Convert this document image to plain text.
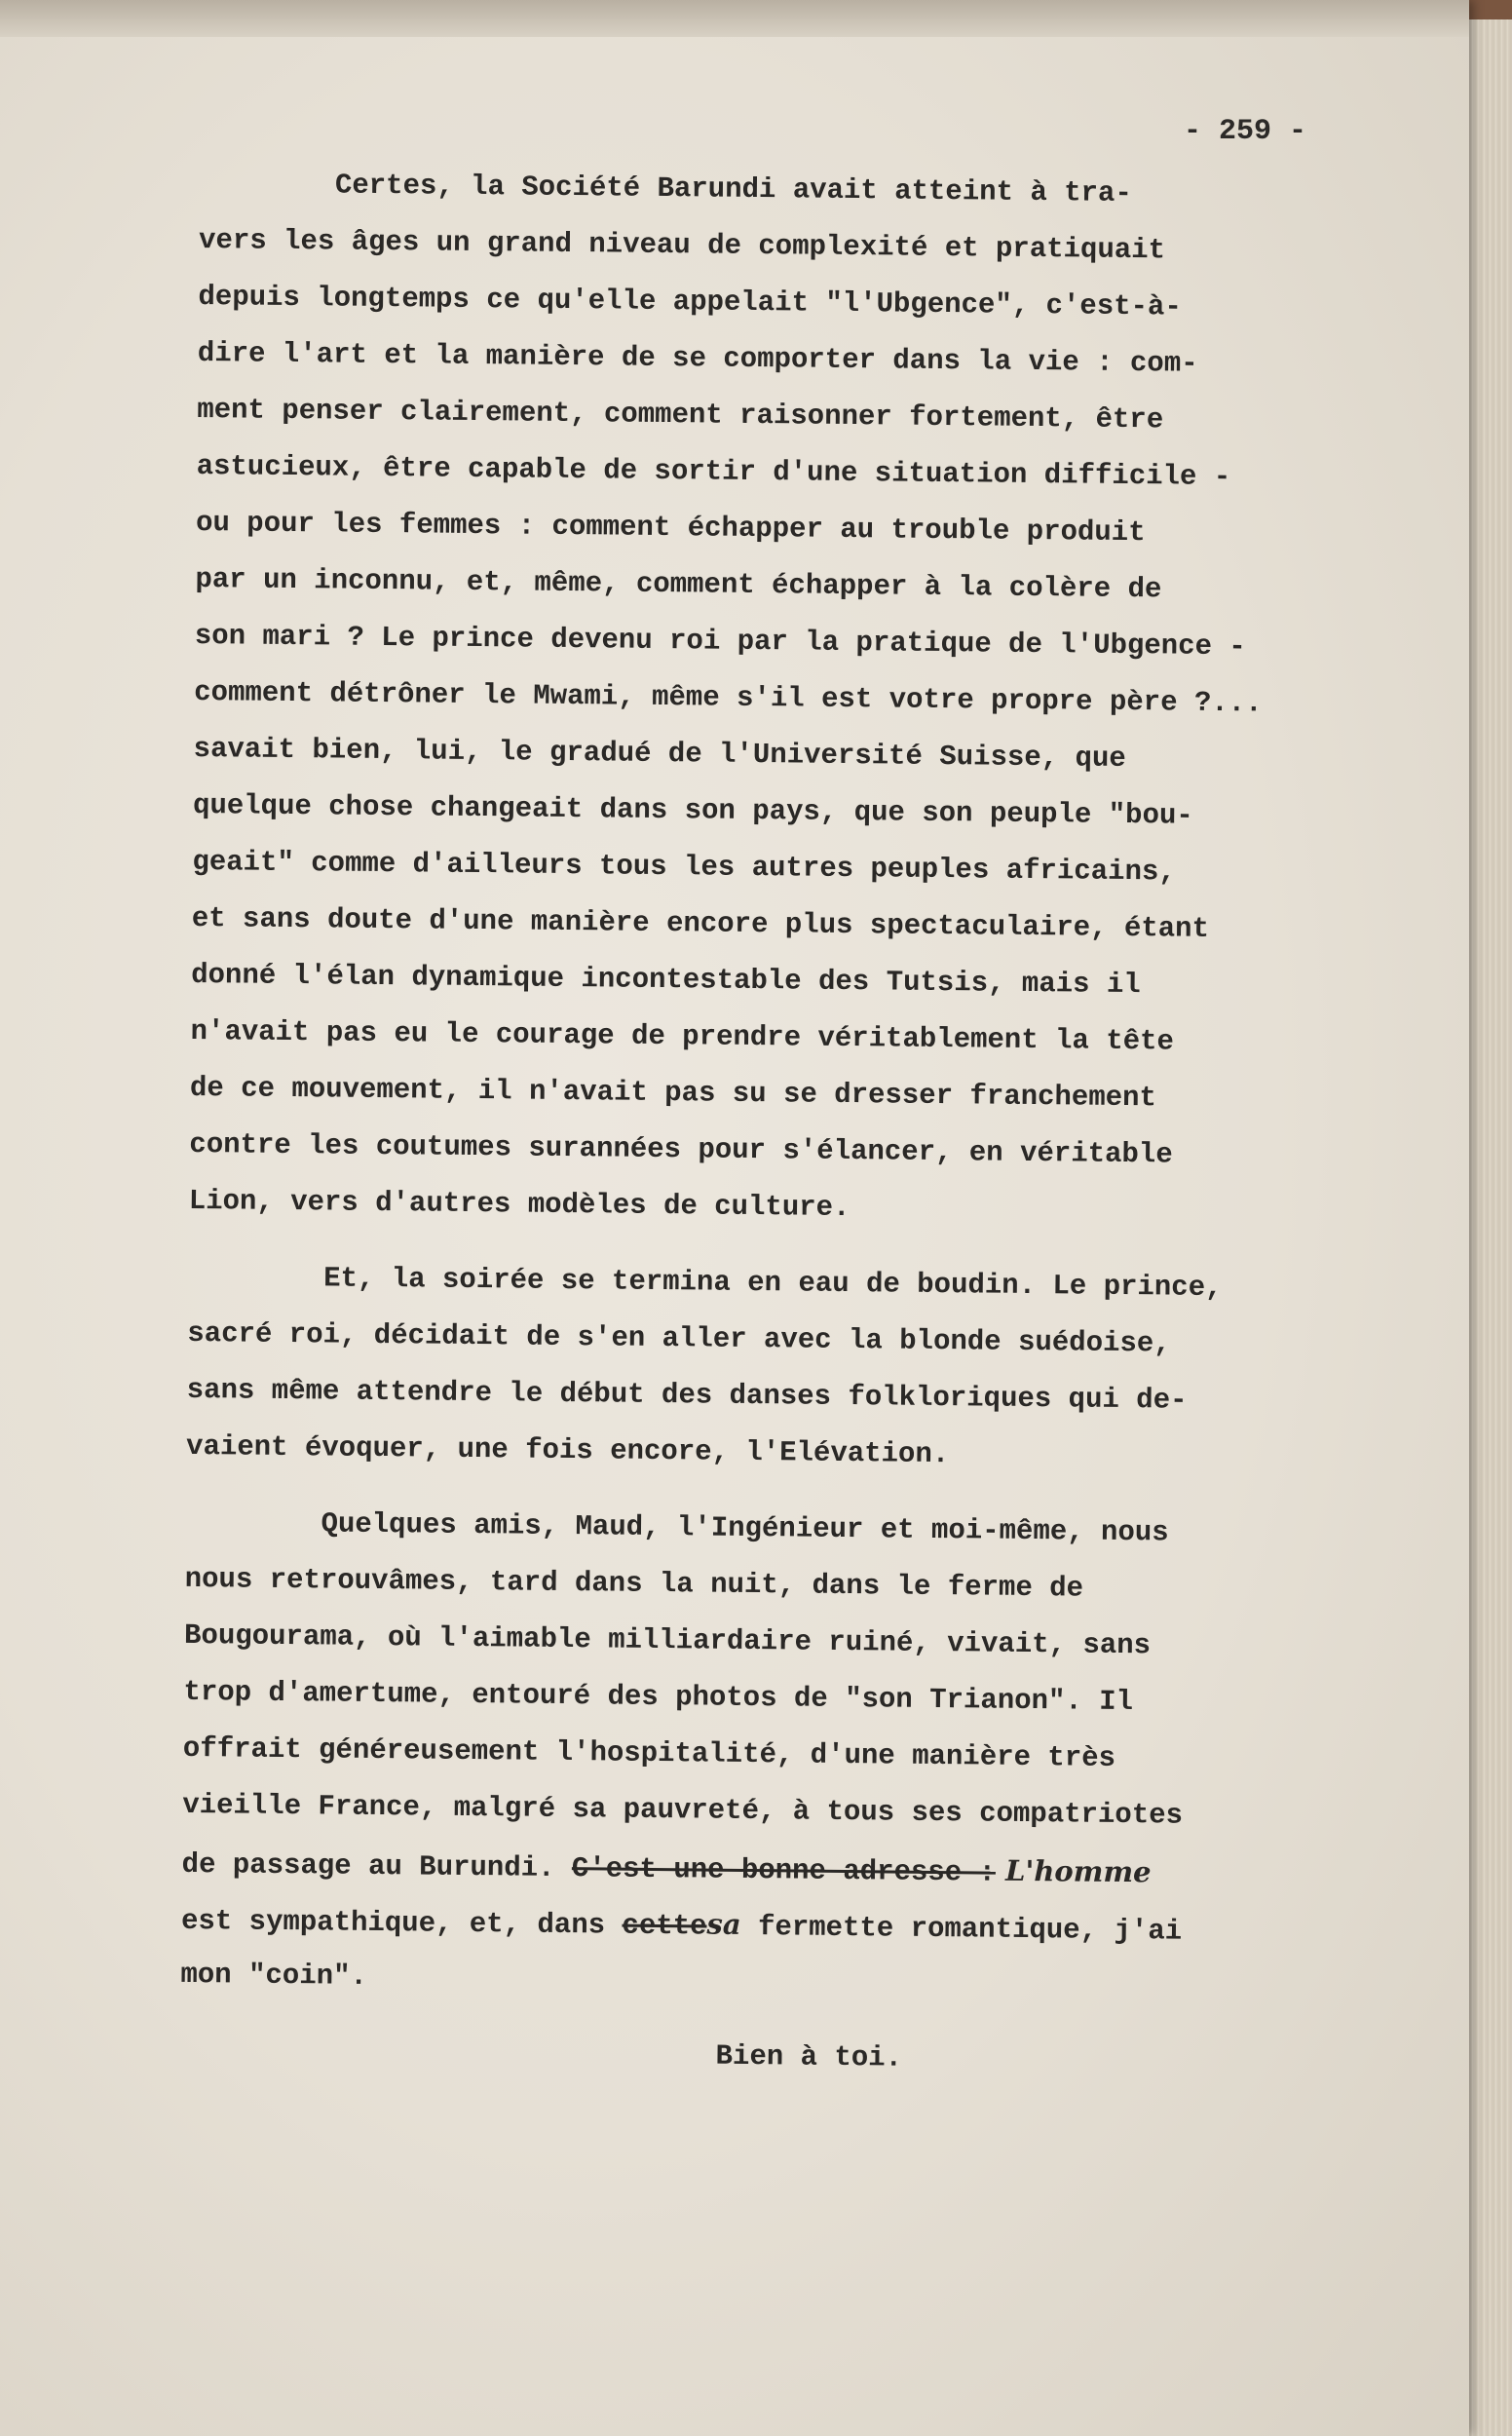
- 259 -
Certes, la Société Barundi avait atteint à tra-
vers les âges un grand niveau de complexité et pratiquait
depuis longtemps ce qu'elle appelait "l'Ubgence", c'est-à-
dire l'art et la manière de se comporter dans la vie : com-
ment penser clairement, comment raisonner fortement, être
astucieux, être capable de sortir d'une situation difficile -
ou pour les femmes : comment échapper au trouble produit
par un inconnu, et, même, comment échapper à la colère de
son mari ? Le prince devenu roi par la pratique de l'Ubgence -
comment détrôner le Mwami, même s'il est votre propre père ?...
savait bien, lui, le gradué de l'Université Suisse, que
quelque chose changeait dans son pays, que son peuple "bou-
geait" comme d'ailleurs tous les autres peuples africains,
et sans doute d'une manière encore plus spectaculaire, étant
donné l'élan dynamique incontestable des Tutsis, mais il
n'avait pas eu le courage de prendre véritablement la tête
de ce mouvement, il n'avait pas su se dresser franchement
contre les coutumes surannées pour s'élancer, en véritable
Lion, vers d'autres modèles de culture.
Et, la soirée se termina en eau de boudin. Le prince,
sacré roi, décidait de s'en aller avec la blonde suédoise,
sans même attendre le début des danses folkloriques qui de-
vaient évoquer, une fois encore, l'Elévation.
Quelques amis, Maud, l'Ingénieur et moi-même, nous
nous retrouvâmes, tard dans la nuit, dans le ferme de
Bougourama, où l'aimable milliardaire ruiné, vivait, sans
trop d'amertume, entouré des photos de "son Trianon". Il
offrait généreusement l'hospitalité, d'une manière très
vieille France, malgré sa pauvreté, à tous ses compatriotes
de passage au Burundi. C'est une bonne adresse : L'homme
est sympathique, et, dans cettesa fermette romantique, j'ai
mon "coin".
Bien à toi.
